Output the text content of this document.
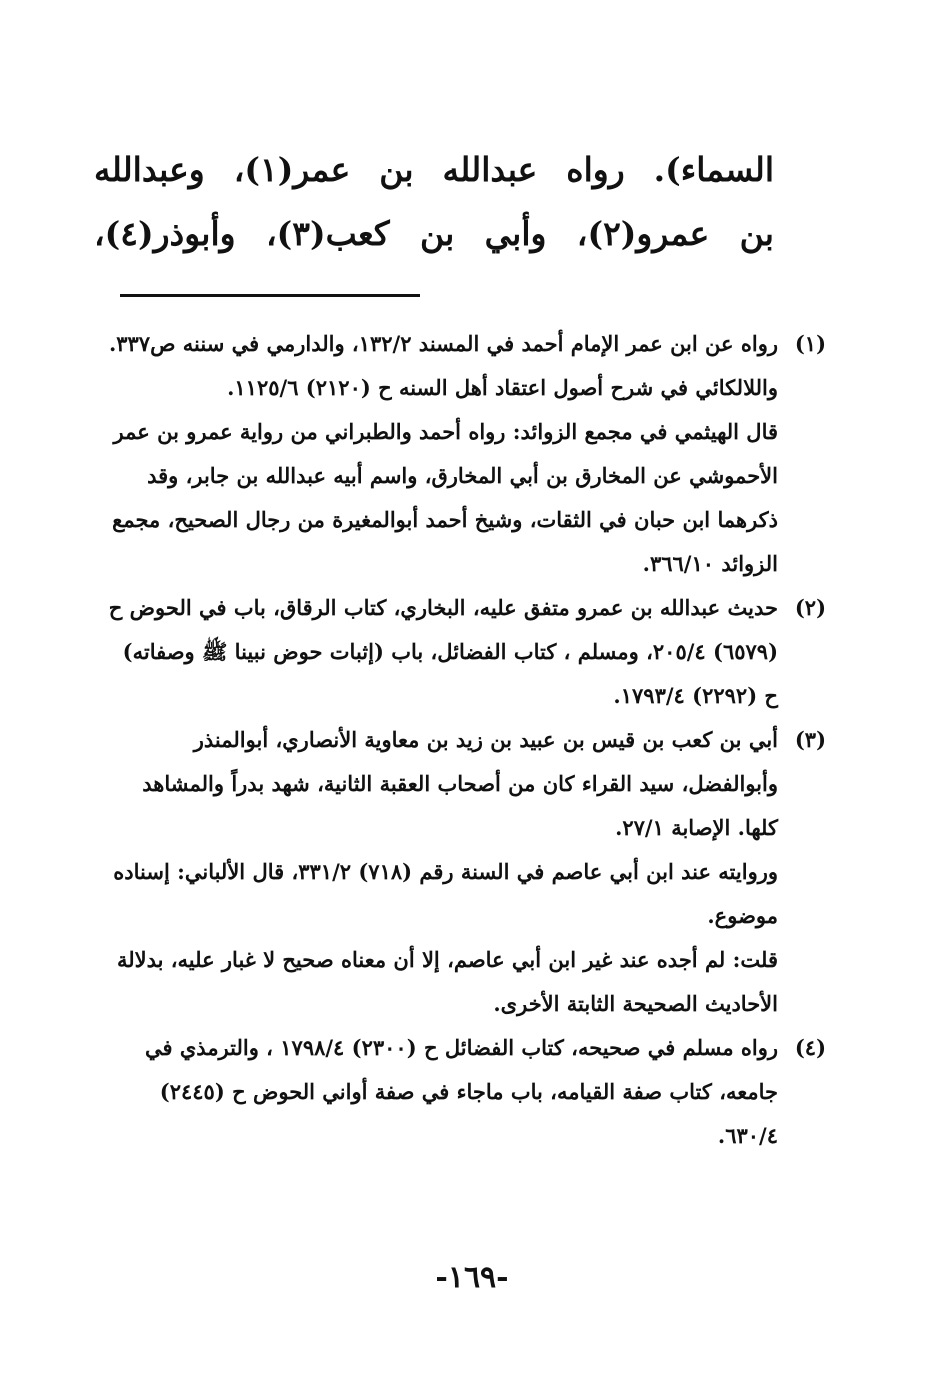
السماء). رواه عبدالله بن عمر(١)، وعبدالله
بن عمرو(٢)، وأبي بن كعب(٣)، وأبوذر(٤)،
(١)

رواه عن ابن عمر الإمام أحمد في المسند ١٣٢/٢، والدارمي في سننه ص٣٣٧. واللالكائي في شرح أصول اعتقاد أهل السنه ح (٢١٢٠) ١١٢٥/٦.

قال الهيثمي في مجمع الزوائد: رواه أحمد والطبراني من رواية عمرو بن عمر الأحموشي عن المخارق بن أبي المخارق، واسم أبيه عبدالله بن جابر، وقد ذكرهما ابن حبان في الثقات، وشيخ أحمد أبوالمغيرة من رجال الصحيح، مجمع الزوائد ٣٦٦/١٠.

(٢)

حديث عبدالله بن عمرو متفق عليه، البخاري، كتاب الرقاق، باب في الحوض ح (٦٥٧٩) ٢٠٥/٤، ومسلم ، كتاب الفضائل، باب (إثبات حوض نبينا ﷺ وصفاته) ح (٢٢٩٢) ١٧٩٣/٤.

(٣)

أبي بن كعب بن قيس بن عبيد بن زيد بن معاوية الأنصاري، أبوالمنذر وأبوالفضل، سيد القراء كان من أصحاب العقبة الثانية، شهد بدراً والمشاهد كلها. الإصابة ٢٧/١.

وروايته عند ابن أبي عاصم في السنة رقم (٧١٨) ٣٣١/٢، قال الألباني: إسناده موضوع.

قلت: لم أجده عند غير ابن أبي عاصم، إلا أن معناه صحيح لا غبار عليه، بدلالة الأحاديث الصحيحة الثابتة الأخرى.

(٤)

رواه مسلم في صحيحه، كتاب الفضائل ح (٢٣٠٠) ١٧٩٨/٤ ، والترمذي في جامعه، كتاب صفة القيامه، باب ماجاء في صفة أواني الحوض ح (٢٤٤٥) ٦٣٠/٤.

-١٦٩-
